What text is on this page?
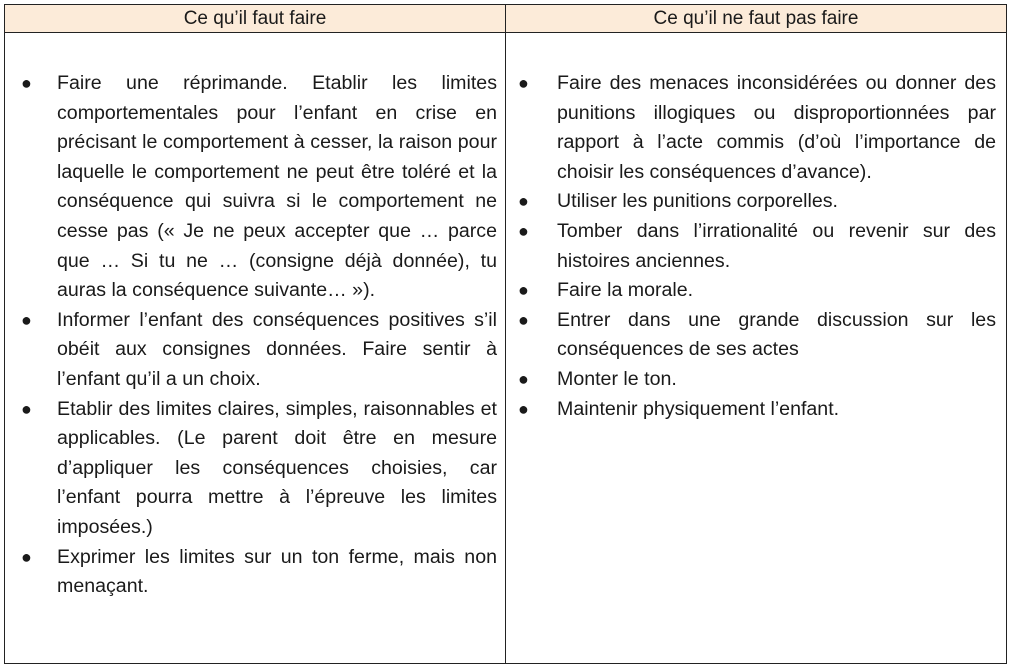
Ce qu’il faut faire	Ce qu’il ne faut pas faire
● Faire une réprimande. Etablir les limites comportementales pour l’enfant en crise en précisant le comportement à cesser, la raison pour laquelle le comportement ne peut être toléré et la conséquence qui suivra si le comportement ne cesse pas (« Je ne peux accepter que … parce que … Si tu ne … (consigne déjà donnée), tu auras la conséquence suivante… »).
● Informer l’enfant des conséquences positives s’il obéit aux consignes données. Faire sentir à l’enfant qu’il a un choix.
● Etablir des limites claires, simples, raisonnables et applicables. (Le parent doit être en mesure d’appliquer les conséquences choisies, car l’enfant pourra mettre à l’épreuve les limites imposées.)
● Exprimer les limites sur un ton ferme, mais non menaçant.
● Faire des menaces inconsidérées ou donner des punitions illogiques ou disproportionnées par rapport à l’acte commis (d’où l’importance de choisir les conséquences d’avance).
● Utiliser les punitions corporelles.
● Tomber dans l’irrationalité ou revenir sur des histoires anciennes.
● Faire la morale.
● Entrer dans une grande discussion sur les conséquences de ses actes
● Monter le ton.
● Maintenir physiquement l’enfant.
